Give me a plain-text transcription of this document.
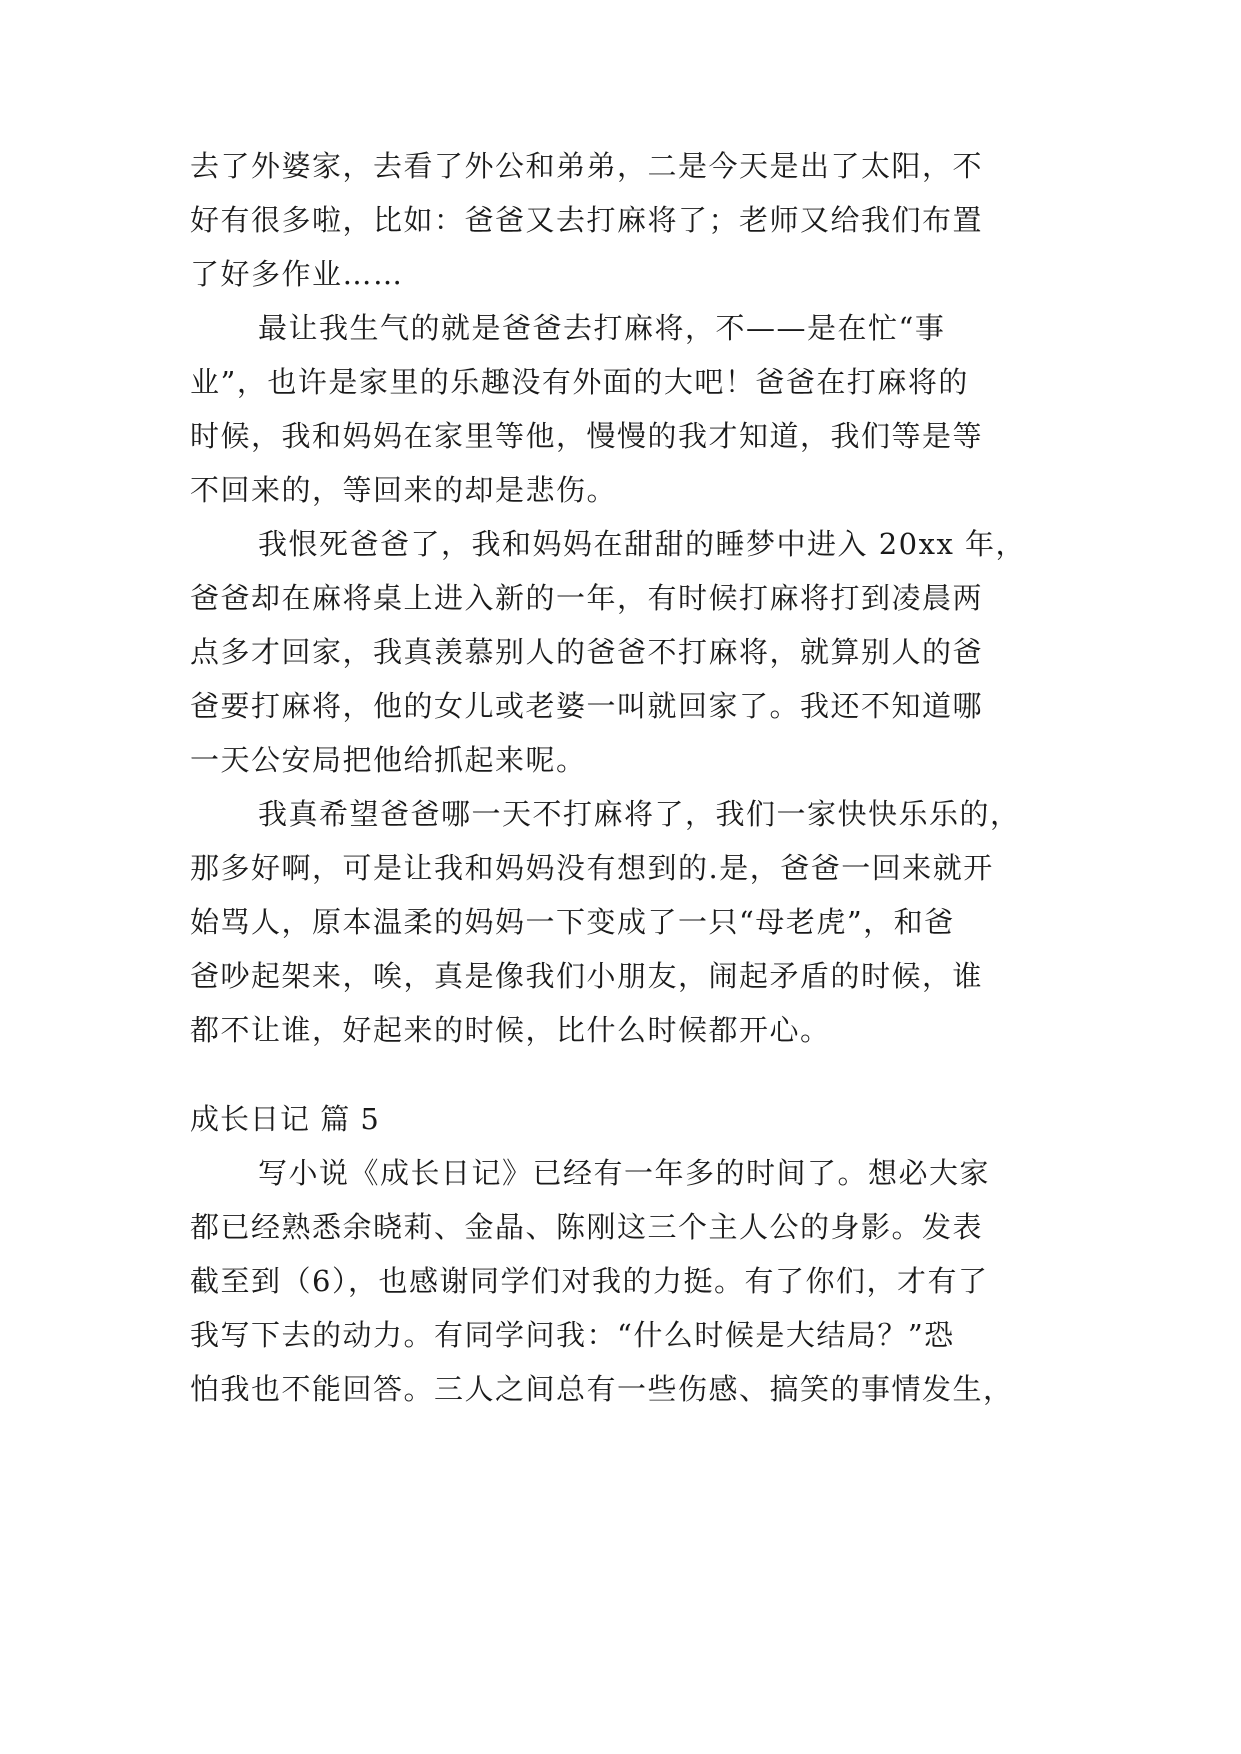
去了外婆家，去看了外公和弟弟，二是今天是出了太阳，不
好有很多啦，比如：爸爸又去打麻将了；老师又给我们布置
了好多作业……
最让我生气的就是爸爸去打麻将，不——是在忙“事
业”，也许是家里的乐趣没有外面的大吧！爸爸在打麻将的
时候，我和妈妈在家里等他，慢慢的我才知道，我们等是等
不回来的，等回来的却是悲伤。
我恨死爸爸了，我和妈妈在甜甜的睡梦中进入 20xx 年，
爸爸却在麻将桌上进入新的一年，有时候打麻将打到凌晨两
点多才回家，我真羡慕别人的爸爸不打麻将，就算别人的爸
爸要打麻将，他的女儿或老婆一叫就回家了。我还不知道哪
一天公安局把他给抓起来呢。
我真希望爸爸哪一天不打麻将了，我们一家快快乐乐的，
那多好啊，可是让我和妈妈没有想到的.是，爸爸一回来就开
始骂人，原本温柔的妈妈一下变成了一只“母老虎”，和爸
爸吵起架来，唉，真是像我们小朋友，闹起矛盾的时候，谁
都不让谁，好起来的时候，比什么时候都开心。
成长日记 篇 5
写小说《成长日记》已经有一年多的时间了。想必大家
都已经熟悉余晓莉、金晶、陈刚这三个主人公的身影。发表
截至到（6），也感谢同学们对我的力挺。有了你们，才有了
我写下去的动力。有同学问我：“什么时候是大结局？”恐
怕我也不能回答。三人之间总有一些伤感、搞笑的事情发生，
